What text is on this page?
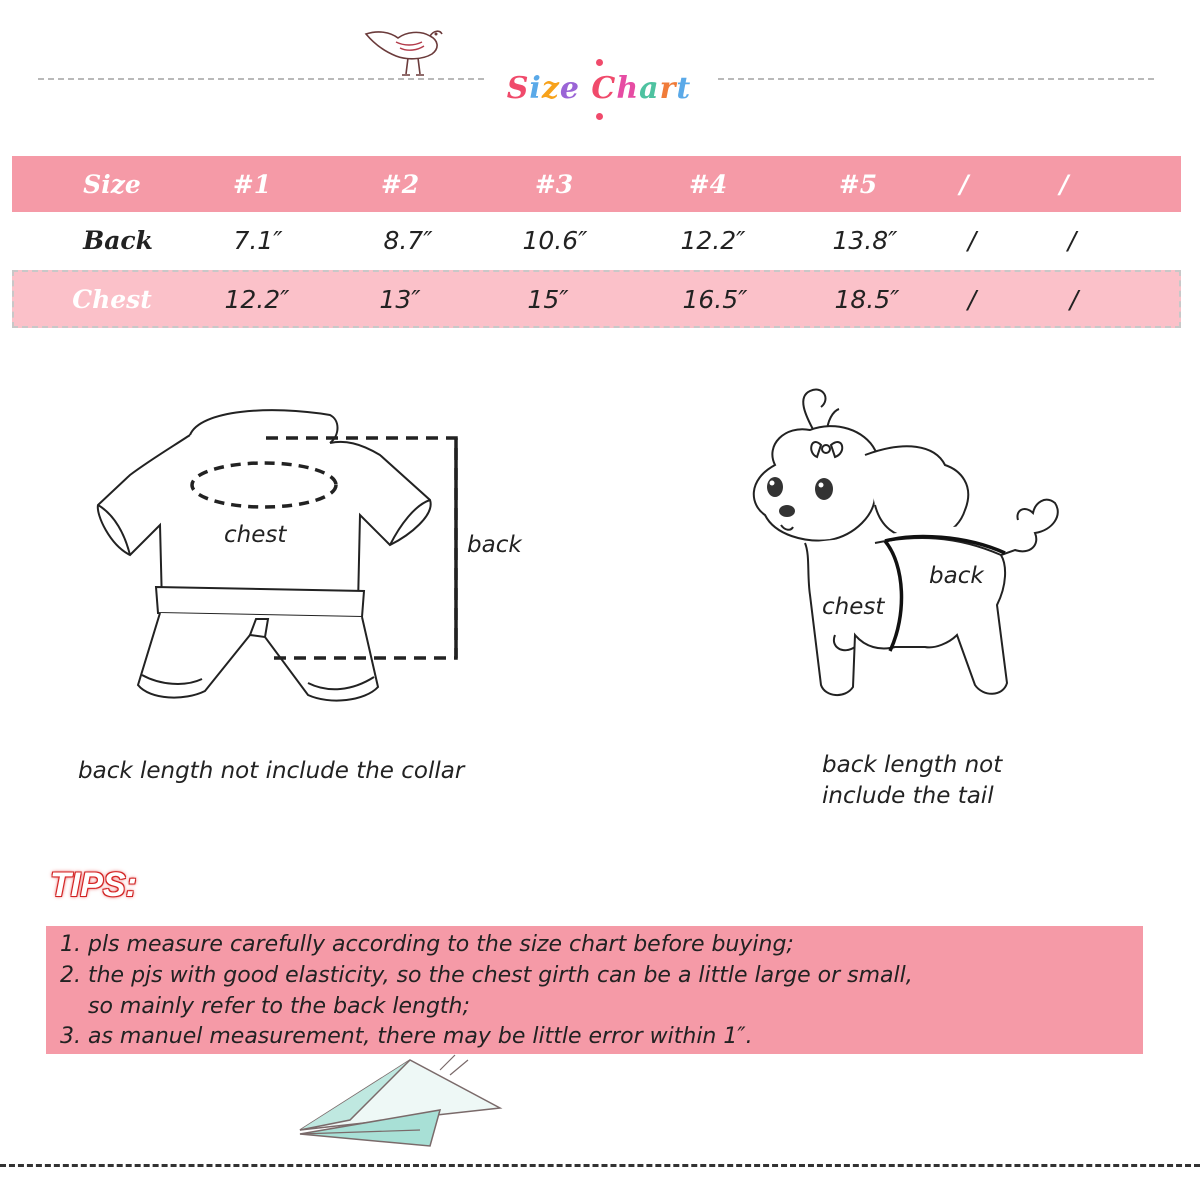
Size Chart
Size	#1	#2	#3	#4	#5	/	/
Back	7.1″	8.7″	10.6″	12.2″	13.8″	/	/
Chest	12.2″	13″	15″	16.5″	18.5″	/	/
chest	back
back length not include the collar
back
chest
back length not
include the tail
TIPS:
1. pls measure carefully according to the size chart before buying;
2. the pjs with good elasticity, so the chest girth can be a little large or small,
so mainly refer to the back length;
3. as manuel measurement, there may be little error within 1″.
